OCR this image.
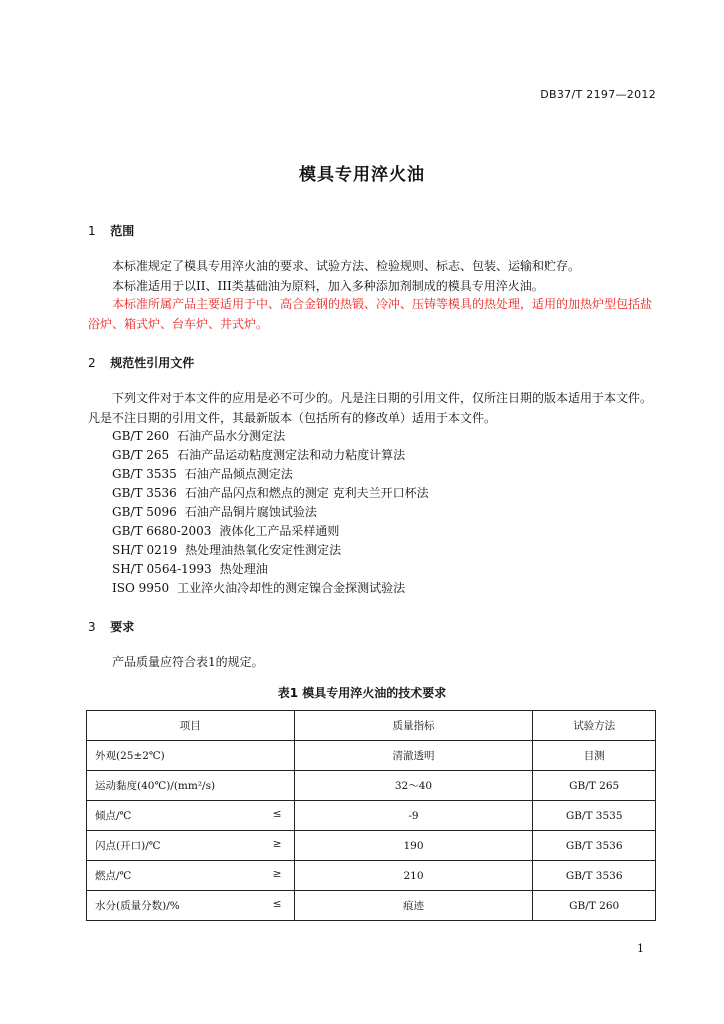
DB37/T 2197—2012
模具专用淬火油
1 范围
本标准规定了模具专用淬火油的要求、试验方法、检验规则、标志、包装、运输和贮存。
本标准适用于以II、III类基础油为原料，加入多种添加剂制成的模具专用淬火油。
本标准所属产品主要适用于中、高合金钢的热锻、冷冲、压铸等模具的热处理，适用的加热炉型包括盐浴炉、箱式炉、台车炉、井式炉。
2 规范性引用文件
下列文件对于本文件的应用是必不可少的。凡是注日期的引用文件，仅所注日期的版本适用于本文件。凡是不注日期的引用文件，其最新版本（包括所有的修改单）适用于本文件。
GB/T 260 石油产品水分测定法
GB/T 265 石油产品运动粘度测定法和动力粘度计算法
GB/T 3535 石油产品倾点测定法
GB/T 3536 石油产品闪点和燃点的测定 克利夫兰开口杯法
GB/T 5096 石油产品铜片腐蚀试验法
GB/T 6680-2003 液体化工产品采样通则
SH/T 0219 热处理油热氧化安定性测定法
SH/T 0564-1993 热处理油
ISO 9950 工业淬火油冷却性的测定镍合金探测试验法
3 要求
产品质量应符合表1的规定。
表1 模具专用淬火油的技术要求
项目	质量指标	试验方法

外观(25±2℃)	清澈透明	目测

运动黏度(40℃)/(mm²/s)	32～40	GB/T 265

倾点/℃ ≤	-9	GB/T 3535

闪点(开口)/℃ ≥	190	GB/T 3536

燃点/℃ ≥	210	GB/T 3536

水分(质量分数)/% ≤	痕迹	GB/T 260
1
